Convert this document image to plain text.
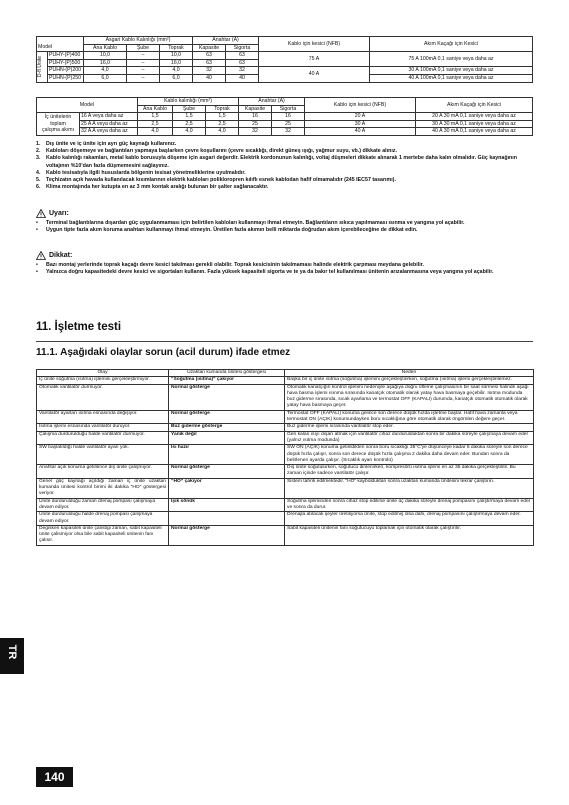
Model		Asgari Kablo Kalınlığı (mm²)			Anahtar (A)		Kablo için kesici (NFB)	Akım Kaçağı için Kesici
		Ana Kablo	Şube	Toprak	Kapasite	Sigorta		

D-ft Ünite	PUHY-(P)400	10,0	–	10,0	63	63	75 A	75 A 100mA 0,1 saniye veya daha az
	PUHY-(P)500	16,0	–	16,0	63	63		
	PUHN-(P)200	4,0	–	4,0	32	32	40 A	30 A 100mA 0,1 saniye veya daha az
	PUHN-(P)250	6,0	–	6,0	40	40		40 A 100mA 0,1 saniye veya daha az
Model		Kablo kalınlığı (mm²)			Anahtar (A)		Kablo için kesici (NFB)	Akım Kaçağı için Kesici
		Ana Kablo	Şube	Toprak	Kapasite	Sigorta		

İç ünitelerin
toplam
çalışma akımı	16 A veya daha az	1,5	1,5	1,5	16	16	20 A	20 A 30 mA 0,1 saniye veya daha az
	25 A A veya daha az	2,5	2,5	2,5	25	25	30 A	30 A 30 mA 0,1 saniye veya daha az
	32 A A veya daha az	4,0	4,0	4,0	32	32	40 A	40 A 30 mA 0,1 saniye veya daha az
1.	Dış ünite ve iç ünite için ayrı güç kaynağı kullanınız.
2.	Kabloları döşemeye ve bağlantıları yapmaya başlarken çevre koşullarını (çevre sıcaklığı, direkt güneş ışığı, yağmur suyu, vb.) dikkate alınız.
3.	Kablo kalınlığı rakamları, metal kablo borusuyla döşeme için asgari değerdir. Elektrik kordonunun kalınlığı, voltaj düşmeleri dikkate alınarak 1 mertebe daha kalın olmalıdır. Güç kaynağının voltajının %10'dan fazla düşmemesini sağlayınız.
4.	Kablo tesisatıyla ilgili hususlarda bölgenin tesisat yönetmeliklerine uyulmalıdır.
5.	Teçhizatın açık havada kullanılacak kısımlarının elektrik kabloları polikloropren kılıflı esnek kablodan hafif olmamalıdır (245 IEC57 tasarımı).
6.	Klima montajında her kutupta en az 3 mm kontak aralığı bulunan bir şalter sağlanacaktır.
Uyarı:
•	Terminal bağlantılarına dışardan güç uygulanmaması için belirtilen kabloları kullanmayı ihmal etmeyin. Bağlantıların sıkıca yapılmaması ısınma ve yangına yol açabilir.
•	Uygun tipte fazla akım koruma anahtarı kullanmayı ihmal etmeyin. Üretilen fazla akımın belli miktarda doğrudan akım içerebileceğine de dikkat edin.
Dikkat:
•	Bazı montaj yerlerinde toprak kaçağı devre kesici takılması gerekli olabilir. Toprak kesicisinin takılmaması halinde elektrik çarpması meydana gelebilir.
•	Yalnızca doğru kapasitedeki devre kesici ve sigortaları kullanın. Fazla yüksek kapasiteli sigorta ve te ya da bakır tel kullanılması ünitenin arızalanmasına veya yangına yol açabilir.
11. İşletme testi
11.1. Aşağıdaki olaylar sorun (acil durum) ifade etmez
Olay	Uzaktan kumanda ünitesi göstergesi	Neden
İç ünite soğutma (ısıtma) işlemini gerçekleştirmiyor.	“Soğutma (ısıtma)” çakıyor	Başka bir iç ünite ısıtma (soğutma) işlemini gerçekleştirirken, soğutma (ısıtma) işlemi gerçekleştirilemez.
Otomatik vantilatör durmuyor.	Normal gösterge	Otomatik kanatçığın kontrol işletimi nedeniyle aşağıya doğru üfleme çalışmasının bir saat sürmesi halinde aşağı hava basma işlemi ısınma sırasında kanatçık otomatik olarak yatay hava basmaya geçebilir. Isıtma modunda buz giderme sırasında, sıcak ayarlama ve termostat OFF (KAPALI) durumda, kanatçık otomatik otomatik olarak yatay hava basmaya geçer.
Vantilatör ayarları ısıtma esnasında değişiyor.	Normal gösterge	Termostat OFF (KAPALI) konuma gelince son derece düşük hızda işletme başlar. Hafif hava zamanla veya termostat ON (AÇIK) konumundayken boru sıcaklığına göre otomatik olarak öngörülen değere geçer.
Isıtma işlemi esnasında vantilatör duruyor.	Buz giderme gösterge	Buz giderme işlemi sırasında vantilatör stop eder.
Çalışma durdurulduğu halde vantilatör durmuyor.	Yanık değil	Geri kalan ısıyı dışarı atmak için vantilatör cihaz durdurulduktan sonra bir dakika süreyle çalışmaya devam eder (yalnız ısıtma modunda)
SW başlatıldığı halde vantilatör ayarı yok.	Isı hazır	SW ON (AÇIK) konuma getirildikten sonra boru sıcaklığı 35°C'ye düşünceye kadar 5 dakika süreyle son derece düşük hızla çalışır, sonra son derece düşük hızla çalışma 2 dakika daha devam eder. Bundan sonra da belirlenen ayarda çalışır. (Sıcaklık ayarı kontrolü)
Anahtar açık konuma getirilince dış ünite çalışmıyor.	Normal gösterge	Dış ünite soğutulurken, soğutucu dinlenirken, kompresörü ısıtma işlemi en az 35 dakika gerçekleştirilir. Bu zaman içinde sadece vantilatör çalışır.
Genel güç kaynağı açıldığı zaman iç ünite uzaktan kumanda ünitesi kontrol birimi iki dakika “HO” göstergesi veriyor.	“HO” çakıyor	Sistem tahrik edilmektedir. “HO” kaybolduktan sonra uzaktan kumanda ünitesini tekrar çalıştırın.
Ünite durdurulduğu zaman drenaj pompası çalışmaya devam ediyor.	Işık sönük	Soğutma işleminden sonra cihaz stop edilirse ünite üç dakika süreyle drenaj pompasını çalıştırmaya devam eder ve sonra da durur.
Ünite durdurulduğu halde drenaj pompası çalışmaya devam ediyor.		Drenajla atılacak şeyler üretiliyorsa ünite, stop edilmiş olsa dahi, drenaj pompasını çalıştırmaya devam eder.
Degisken kapasiteli ünite çalıstigi zaman, sabit kapasiteli ünite çalismiyor olsa bile sabit kapasiteli ünitenin fanı çalısır.	Normal gösterge	Sabit kapasiteli ünitenin fanı soğutucuyu toplamak için otomatik olarak çalıştırılır.
TR
140
